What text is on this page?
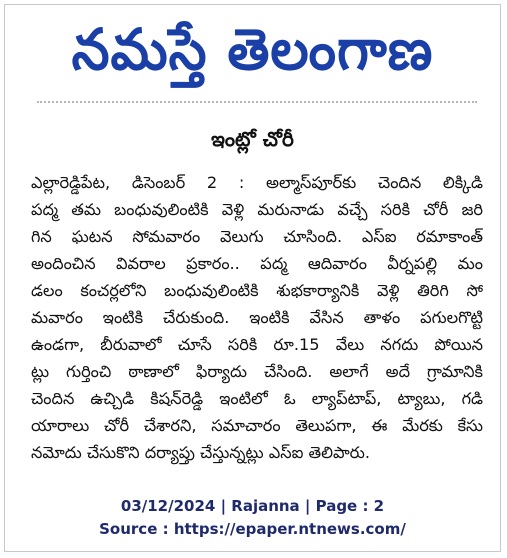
నమస్తే తెలంగాణ
ఇంట్లో చోరీ
ఎల్లారెడ్డిపేట, డిసెంబర్ 2 : అల్మాస్‌పూర్‌కు చెందిన లిక్కిడి
పద్మ తమ బంధువులింటికి వెళ్లి మరునాడు వచ్చే సరికి చోరీ జరి
గిన ఘటన సోమవారం వెలుగు చూసింది. ఎస్‌ఐ రమాకాంత్
అందించిన వివరాల ప్రకారం.. పద్మ ఆదివారం వీర్నపల్లి మం
డలం కంచర్లలోని బంధువులింటికి శుభకార్యానికి వెళ్లి తిరిగి సో
మవారం ఇంటికి చేరుకుంది. ఇంటికి వేసిన తాళం పగులగొట్టి
ఉండగా, బీరువాలో చూసే సరికి రూ.15 వేలు నగదు పోయిన
ట్లు గుర్తించి ఠాణాలో ఫిర్యాదు చేసింది. అలాగే అదే గ్రామానికి
చెందిన ఉచ్చిడి కిషన్‌రెడ్డి ఇంటిలో ఓ ల్యాప్‌టాప్, ట్యాబు, గడి
యారాలు చోరీ చేశారని, సమాచారం తెలుపగా, ఈ మేరకు కేసు
నమోదు చేసుకొని దర్యాప్తు చేస్తున్నట్లు ఎస్‌ఐ తెలిపారు.
03/12/2024 | Rajanna | Page : 2
Source : https://epaper.ntnews.com/
